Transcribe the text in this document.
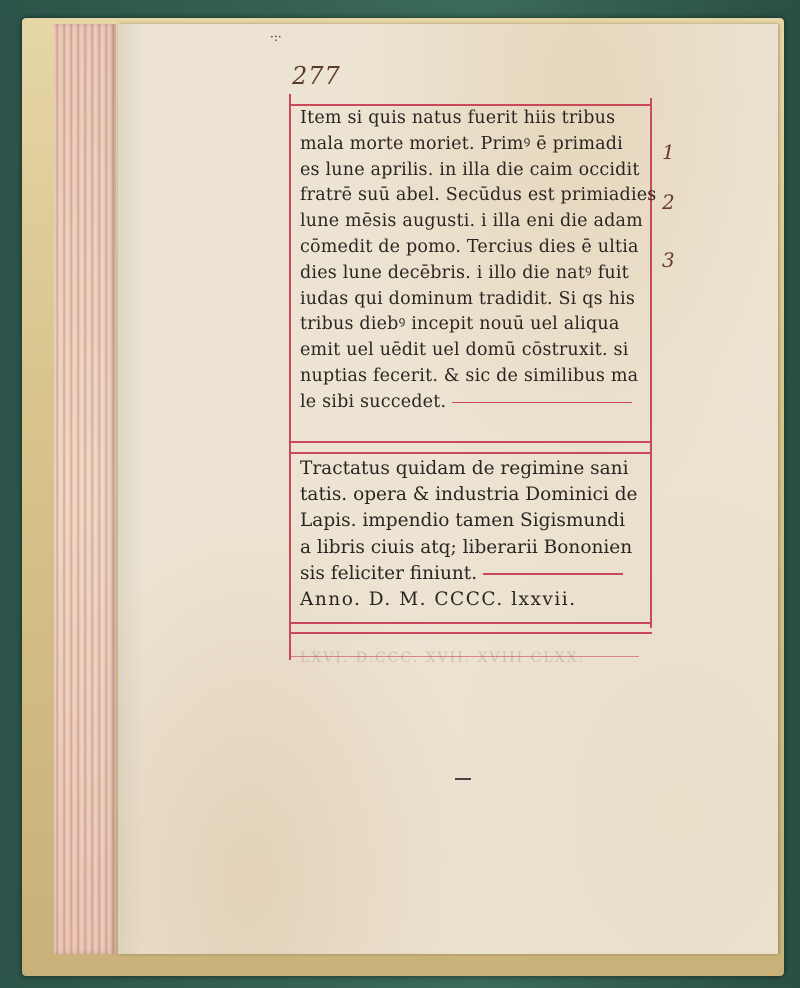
·:·
277
Item si quis natus fuerit hiis tribus
mala morte moriet. Primꝰ ē primadi
es lune aprilis. in illa die caim occidit
fratrē suū abel. Secūdus est primiadies
lune mēsis augusti. i illa eni die adam
cōmedit de pomo. Tercius dies ē ultia
dies lune decēbris. i illo die natꝰ fuit
iudas qui dominum tradidit. Si qs his
tribus diebꝰ incepit nouū uel aliqua
emit uel uēdit uel domū cōstruxit. si
nuptias fecerit. & sic de similibus ma
le sibi succedet.
Tractatus quidam de regimine sani
tatis. opera & industria Dominici de
Lapis. impendio tamen Sigismundi
a libris ciuis atq; liberarii Bononien
sis feliciter finiunt.
Anno. D. M. CCCC. lxxvii.
1
2
3
LXVI. D.CCC. XVII. XVIII CLXX.
